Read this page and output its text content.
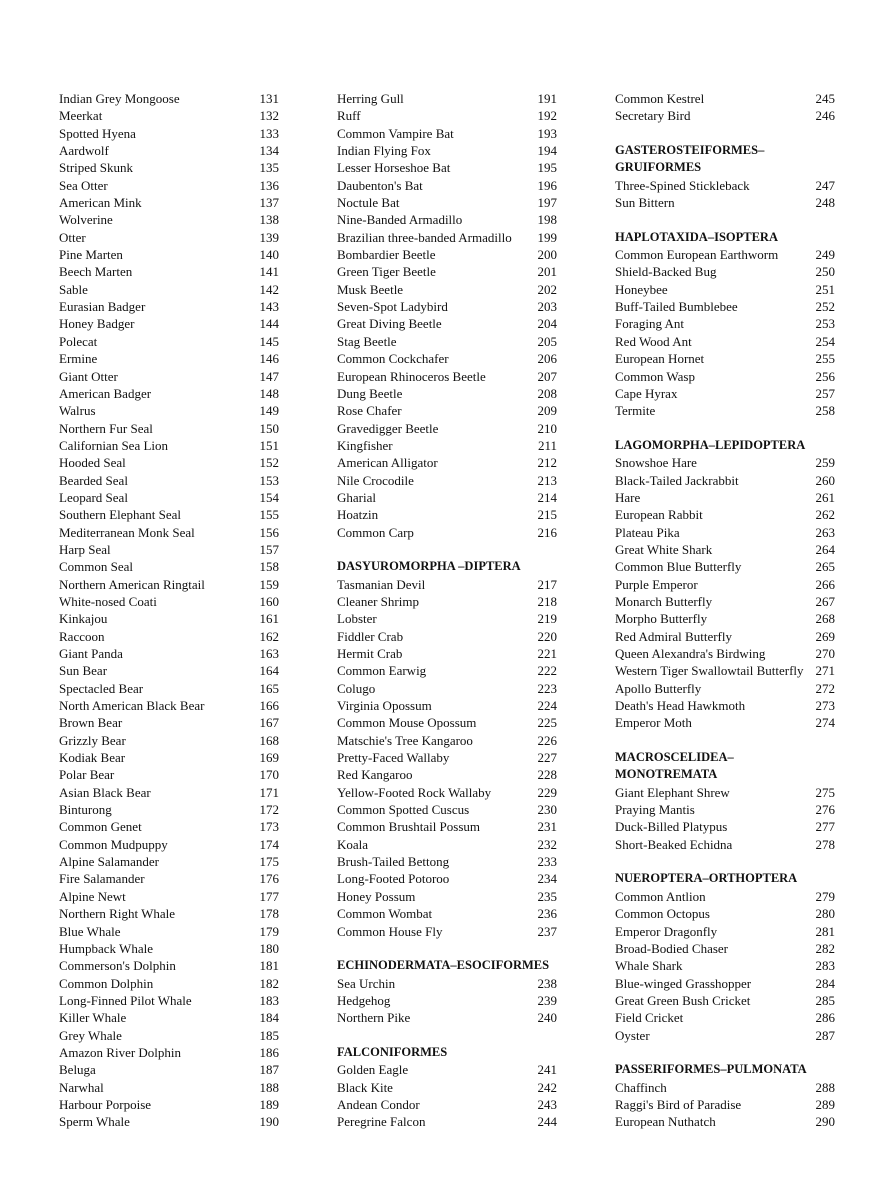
Indian Grey Mongoose	131
Meerkat	132
Spotted Hyena	133
Aardwolf	134
Striped Skunk	135
Sea Otter	136
American Mink	137
Wolverine	138
Otter	139
Pine Marten	140
Beech Marten	141
Sable	142
Eurasian Badger	143
Honey Badger	144
Polecat	145
Ermine	146
Giant Otter	147
American Badger	148
Walrus	149
Northern Fur Seal	150
Californian Sea Lion	151
Hooded Seal	152
Bearded Seal	153
Leopard Seal	154
Southern Elephant Seal	155
Mediterranean Monk Seal	156
Harp Seal	157
Common Seal	158
Northern American Ringtail	159
White-nosed Coati	160
Kinkajou	161
Raccoon	162
Giant Panda	163
Sun Bear	164
Spectacled Bear	165
North American Black Bear	166
Brown Bear	167
Grizzly Bear	168
Kodiak Bear	169
Polar Bear	170
Asian Black Bear	171
Binturong	172
Common Genet	173
Common Mudpuppy	174
Alpine Salamander	175
Fire Salamander	176
Alpine Newt	177
Northern Right Whale	178
Blue Whale	179
Humpback Whale	180
Commerson's Dolphin	181
Common Dolphin	182
Long-Finned Pilot Whale	183
Killer Whale	184
Grey Whale	185
Amazon River Dolphin	186
Beluga	187
Narwhal	188
Harbour Porpoise	189
Sperm Whale	190
Herring Gull	191
Ruff	192
Common Vampire Bat	193
Indian Flying Fox	194
Lesser Horseshoe Bat	195
Daubenton's Bat	196
Noctule Bat	197
Nine-Banded Armadillo	198
Brazilian three-banded Armadillo	199
Bombardier Beetle	200
Green Tiger Beetle	201
Musk Beetle	202
Seven-Spot Ladybird	203
Great Diving Beetle	204
Stag Beetle	205
Common Cockchafer	206
European Rhinoceros Beetle	207
Dung Beetle	208
Rose Chafer	209
Gravedigger Beetle	210
Kingfisher	211
American Alligator	212
Nile Crocodile	213
Gharial	214
Hoatzin	215
Common Carp	216
DASYUROMORPHA –DIPTERA
Tasmanian Devil	217
Cleaner Shrimp	218
Lobster	219
Fiddler Crab	220
Hermit Crab	221
Common Earwig	222
Colugo	223
Virginia Opossum	224
Common Mouse Opossum	225
Matschie's Tree Kangaroo	226
Pretty-Faced Wallaby	227
Red Kangaroo	228
Yellow-Footed Rock Wallaby	229
Common Spotted Cuscus	230
Common Brushtail Possum	231
Koala	232
Brush-Tailed Bettong	233
Long-Footed Potoroo	234
Honey Possum	235
Common Wombat	236
Common House Fly	237
ECHINODERMATA–ESOCIFORMES
Sea Urchin	238
Hedgehog	239
Northern Pike	240
FALCONIFORMES
Golden Eagle	241
Black Kite	242
Andean Condor	243
Peregrine Falcon	244
Common Kestrel	245
Secretary Bird	246
GASTEROSTEIFORMES–
GRUIFORMES
Three-Spined Stickleback	247
Sun Bittern	248
HAPLOTAXIDA–ISOPTERA
Common European Earthworm	249
Shield-Backed Bug	250
Honeybee	251
Buff-Tailed Bumblebee	252
Foraging Ant	253
Red Wood Ant	254
European Hornet	255
Common Wasp	256
Cape Hyrax	257
Termite	258
LAGOMORPHA–LEPIDOPTERA
Snowshoe Hare	259
Black-Tailed Jackrabbit	260
Hare	261
European Rabbit	262
Plateau Pika	263
Great White Shark	264
Common Blue Butterfly	265
Purple Emperor	266
Monarch Butterfly	267
Morpho Butterfly	268
Red Admiral Butterfly	269
Queen Alexandra's Birdwing	270
Western Tiger Swallowtail Butterfly 271
Apollo Butterfly	272
Death's Head Hawkmoth	273
Emperor Moth	274
MACROSCELIDEA–
MONOTREMATA
Giant Elephant Shrew	275
Praying Mantis	276
Duck-Billed Platypus	277
Short-Beaked Echidna	278
NUEROPTERA–ORTHOPTERA
Common Antlion	279
Common Octopus	280
Emperor Dragonfly	281
Broad-Bodied Chaser	282
Whale Shark	283
Blue-winged Grasshopper	284
Great Green Bush Cricket	285
Field Cricket	286
Oyster	287
PASSERIFORMES–PULMONATA
Chaffinch	288
Raggi's Bird of Paradise	289
European Nuthatch	290
